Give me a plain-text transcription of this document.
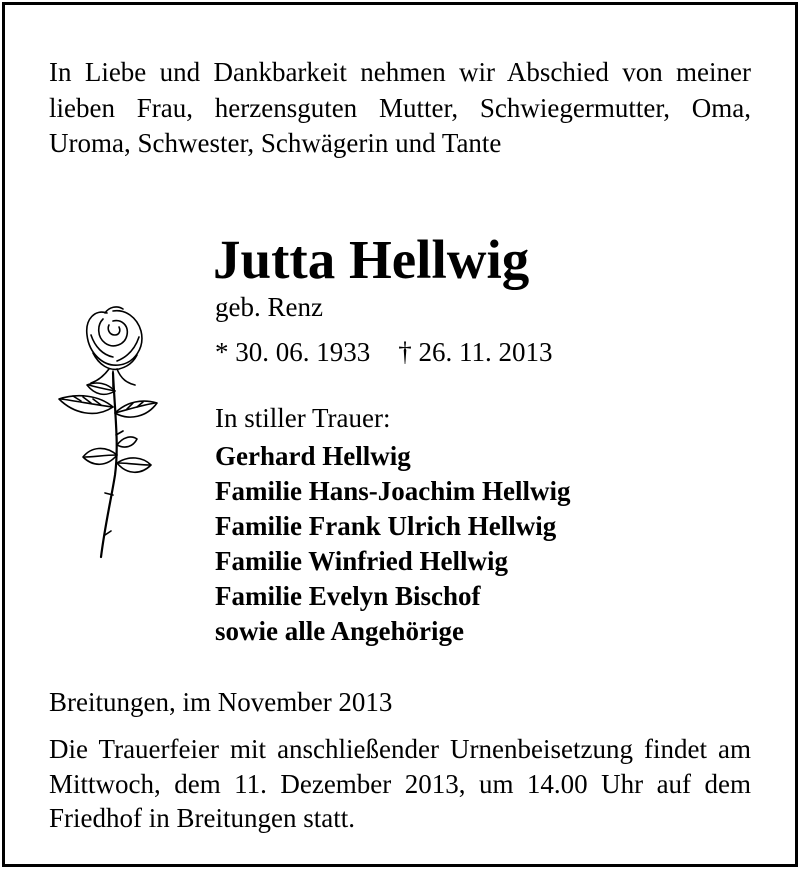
In Liebe und Dankbarkeit nehmen wir Abschied von meiner lieben Frau, herzensguten Mutter, Schwiegermutter, Oma, Uroma, Schwester, Schwägerin und Tante

Jutta Hellwig

geb. Renz

* 30. 06. 1933 † 26. 11. 2013

In stiller Trauer:

Gerhard Hellwig
Familie Hans-Joachim Hellwig
Familie Frank Ulrich Hellwig
Familie Winfried Hellwig
Familie Evelyn Bischof
sowie alle Angehörige

Breitungen, im November 2013

Die Trauerfeier mit anschließender Urnenbeisetzung findet am Mittwoch, dem 11. Dezember 2013, um 14.00 Uhr auf dem Friedhof in Breitungen statt.
